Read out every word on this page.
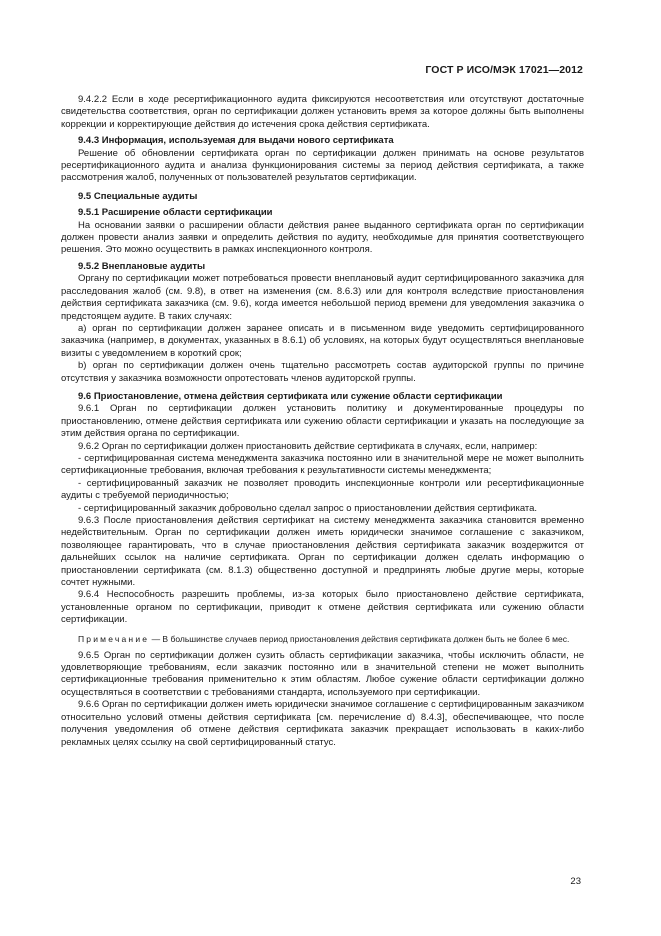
ГОСТ Р ИСО/МЭК 17021—2012

9.4.2.2 Если в ходе ресертификационного аудита фиксируются несоответствия или отсутствуют достаточные свидетельства соответствия, орган по сертификации должен установить время за которое должны быть выполнены коррекции и корректирующие действия до истечения срока действия сертификата.

9.4.3 Информация, используемая для выдачи нового сертификата

Решение об обновлении сертификата орган по сертификации должен принимать на основе результатов ресертификационного аудита и анализа функционирования системы за период действия сертификата, а также рассмотрения жалоб, полученных от пользователей результатов сертификации.

9.5 Специальные аудиты

9.5.1 Расширение области сертификации

На основании заявки о расширении области действия ранее выданного сертификата орган по сертификации должен провести анализ заявки и определить действия по аудиту, необходимые для принятия соответствующего решения. Это можно осуществить в рамках инспекционного контроля.

9.5.2 Внеплановые аудиты

Органу по сертификации может потребоваться провести внеплановый аудит сертифицированного заказчика для расследования жалоб (см. 9.8), в ответ на изменения (см. 8.6.3) или для контроля вследствие приостановления действия сертификата заказчика (см. 9.6), когда имеется небольшой период времени для уведомления заказчика о предстоящем аудите. В таких случаях:

a) орган по сертификации должен заранее описать и в письменном виде уведомить сертифицированного заказчика (например, в документах, указанных в 8.6.1) об условиях, на которых будут осуществляться внеплановые визиты с уведомлением в короткий срок;

b) орган по сертификации должен очень тщательно рассмотреть состав аудиторской группы по причине отсутствия у заказчика возможности опротестовать членов аудиторской группы.

9.6 Приостановление, отмена действия сертификата или сужение области сертификации

9.6.1 Орган по сертификации должен установить политику и документированные процедуры по приостановлению, отмене действия сертификата или сужению области сертификации и указать на последующие за этим действия органа по сертификации.

9.6.2 Орган по сертификации должен приостановить действие сертификата в случаях, если, например:

- сертифицированная система менеджмента заказчика постоянно или в значительной мере не может выполнить сертификационные требования, включая требования к результативности системы менеджмента;

- сертифицированный заказчик не позволяет проводить инспекционные контроли или ресертификационные аудиты с требуемой периодичностью;

- сертифицированный заказчик добровольно сделал запрос о приостановлении действия сертификата.

9.6.3 После приостановления действия сертификат на систему менеджмента заказчика становится временно недействительным. Орган по сертификации должен иметь юридически значимое соглашение с заказчиком, позволяющее гарантировать, что в случае приостановления действия сертификата заказчик воздержится от дальнейших ссылок на наличие сертификата. Орган по сертификации должен сделать информацию о приостановлении сертификата (см. 8.1.3) общественно доступной и предпринять любые другие меры, которые сочтет нужными.

9.6.4 Неспособность разрешить проблемы, из-за которых было приостановлено действие сертификата, установленные органом по сертификации, приводит к отмене действия сертификата или сужению области сертификации.

Примечание — В большинстве случаев период приостановления действия сертификата должен быть не более 6 мес.

9.6.5 Орган по сертификации должен сузить область сертификации заказчика, чтобы исключить области, не удовлетворяющие требованиям, если заказчик постоянно или в значительной степени не может выполнить сертификационные требования применительно к этим областям. Любое сужение области сертификации должно осуществляться в соответствии с требованиями стандарта, используемого при сертификации.

9.6.6 Орган по сертификации должен иметь юридически значимое соглашение с сертифицированным заказчиком относительно условий отмены действия сертификата [см. перечисление d) 8.4.3], обеспечивающее, что после получения уведомления об отмене действия сертификата заказчик прекращает использовать в каких-либо рекламных целях ссылку на свой сертифицированный статус.

23
